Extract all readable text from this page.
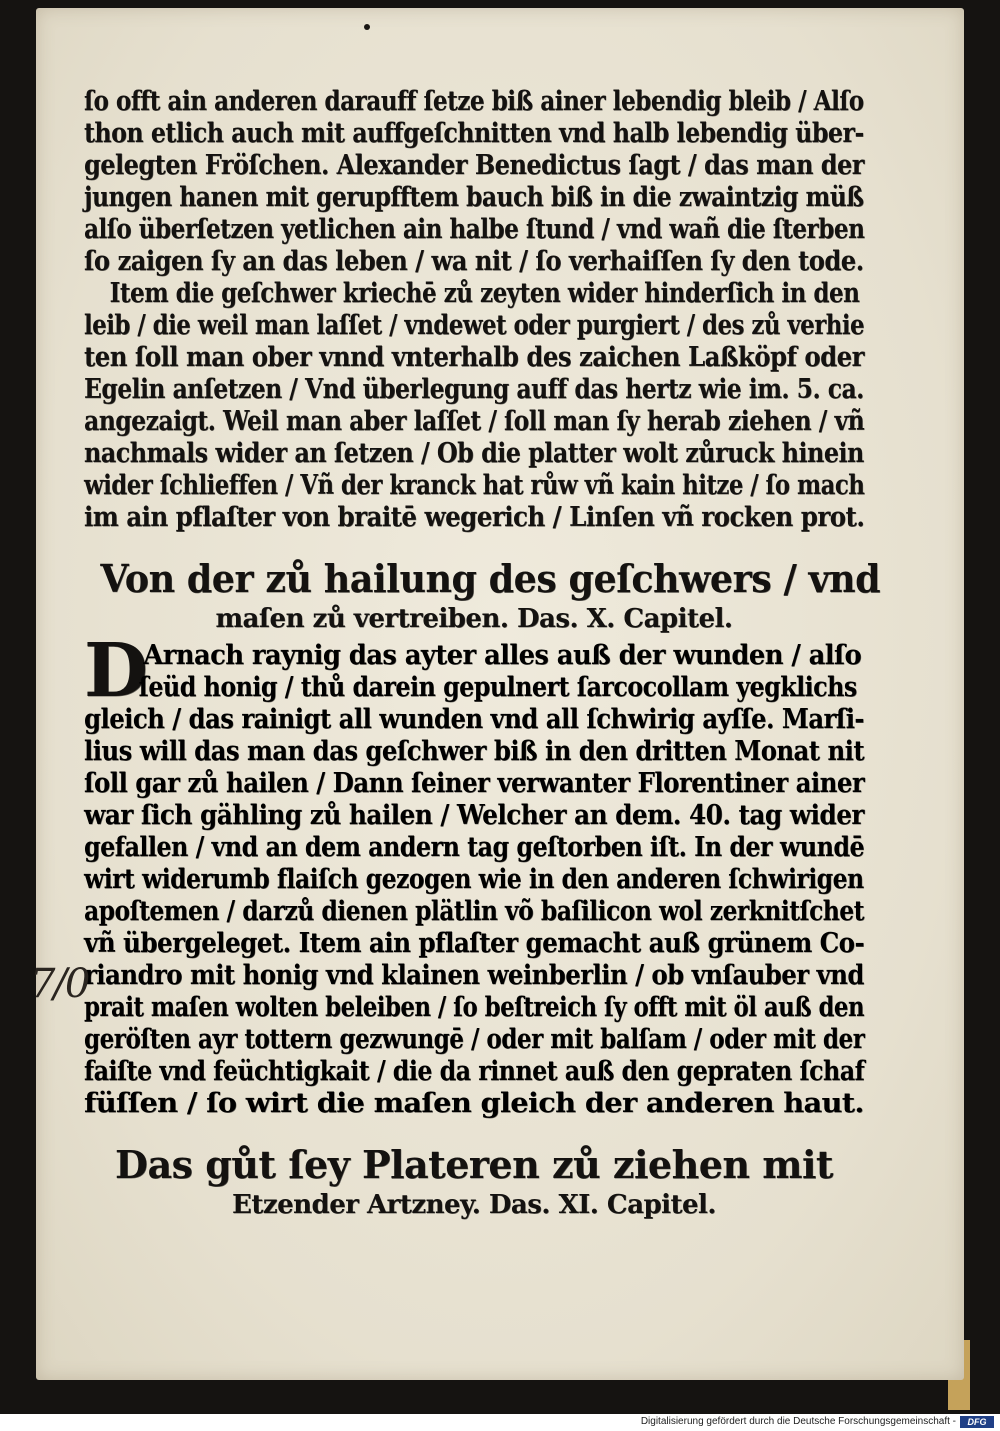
ſo offt ain anderen darauff ſetze biß ainer lebendig bleib / Alſo
thon etlich auch mit auffgeſchnitten vnd halb lebendig über-
gelegten Fröſchen. Alexander Benedictus ſagt / das man der
jungen hanen mit gerupfftem bauch biß in die zwaintzig müß
alſo überſetzen yetlichen ain halbe ſtund / vnd wañ die ſterben
ſo zaigen ſy an das leben / wa nit / ſo verhaiſſen ſy den tode.
Item die geſchwer kriechē zů zeyten wider hinderſich in den
leib / die weil man laſſet / vndewet oder purgiert / des zů verhie
ten ſoll man ober vnnd vnterhalb des zaichen Laßköpf oder
Egelin anſetzen / Vnd überlegung auff das hertz wie im. 5. ca.
angezaigt. Weil man aber laſſet / ſoll man ſy herab ziehen / vñ
nachmals wider an ſetzen / Ob die platter wolt zůruck hinein
wider ſchlieffen / Vñ der kranck hat růw vñ kain hitze / ſo mach
im ain pflaſter von braitē wegerich / Linſen vñ rocken prot.
Von der zů hailung des geſchwers / vnd
maſen zů vertreiben. Das. X. Capitel.
D
Arnach raynig das ayter alles auß der wunden / alſo
ſeüd honig / thů darein gepulnert ſarcocollam yegklichs
gleich / das rainigt all wunden vnd all ſchwirig ayſſe. Marſi-
lius will das man das geſchwer biß in den dritten Monat nit
ſoll gar zů hailen / Dann ſeiner verwanter Florentiner ainer
war ſich gähling zů hailen / Welcher an dem. 40. tag wider
gefallen / vnd an dem andern tag geſtorben iſt. In der wundē
wirt widerumb flaiſch gezogen wie in den anderen ſchwirigen
apoſtemen / darzů dienen plätlin võ baſilicon wol zerknitſchet
vñ übergeleget. Item ain pflaſter gemacht auß grünem Co-
riandro mit honig vnd klainen weinberlin / ob vnſauber vnd
prait maſen wolten beleiben / ſo beſtreich ſy offt mit öl auß den
geröſten ayr tottern gezwungē / oder mit balſam / oder mit der
faiſte vnd feüchtigkait / die da rinnet auß den gepraten ſchaf
füſſen / ſo wirt die maſen gleich der anderen haut.
7/0
Das gůt ſey Plateren zů ziehen mit
Etzender Artzney. Das. XI. Capitel.
Digitalisierung gefördert durch die Deutsche Forschungsgemeinschaft -	DFG
